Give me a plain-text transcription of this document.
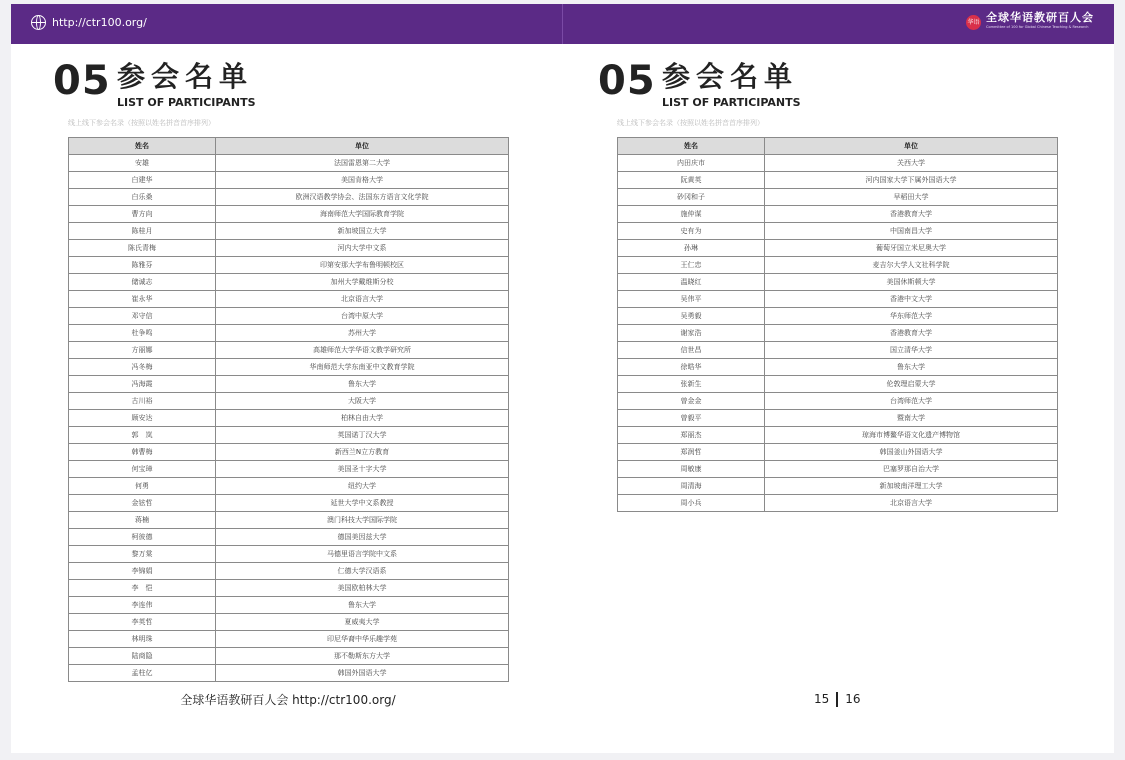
http://ctr100.org/	华语 全球华语教研百人会
Committee of 100 for Global Chinese Teaching & Research
05 参会名单
LIST OF PARTICIPANTS
线上线下参会名录（按照以姓名拼音首序排列）
姓名	单位
安雄	法国雷恩第二大学
白建华	美国肯格大学
白乐桑	欧洲汉语教学协会、法国东方语言文化学院
曹方向	海南师范大学国际教育学院
陈桂月	新加坡国立大学
陈氏青梅	河内大学中文系
陈雅芬	印第安那大学布鲁明顿校区
储诚志	加州大学戴维斯分校
崔永华	北京语言大学
邓守信	台湾中原大学
杜争鸣	苏州大学
方丽娜	高雄师范大学华语文教学研究所
冯冬梅	华南师范大学东南亚中文教育学院
冯海霞	鲁东大学
古川裕	大阪大学
顾安达	柏林自由大学
郭　岚	英国诺丁汉大学
韩曹梅	新西兰N立方教育
何宝璋	美国圣十字大学
何勇	纽约大学
金铉哲	延世大学中文系教授
蒋楠	澳门科技大学国际学院
柯彼德	德国美因兹大学
黎万棠	马德里语言学院中文系
李锦娟	仁德大学汉语系
李　恺	美国欧柏林大学
李连伟	鲁东大学
李英哲	夏威夷大学
林明珠	印尼华裔中华乐趣学苑
陆商隐	那不勒斯东方大学
孟柱亿	韩国外国语大学
05 参会名单
LIST OF PARTICIPANTS
线上线下参会名录（按照以姓名拼音首序排列）
姓名	单位
内田庆市	关西大学
阮黄英	河内国家大学下属外国语大学
砂冈和子	早稻田大学
施仲谋	香港教育大学
史有为	中国南昌大学
孙琳	葡萄牙国立米尼奥大学
王仁忠	麦吉尔大学人文社科学院
温晓红	美国休斯顿大学
吴伟平	香港中文大学
吴勇毅	华东师范大学
谢家浩	香港教育大学
信世昌	国立清华大学
徐晧华	鲁东大学
张新生	伦敦理启蒙大学
曾金金	台湾师范大学
曾毅平	暨南大学
郑丽杰	琼海市博鳌华语文化遗产博物馆
郑润哲	韩国釜山外国语大学
周敏康	巴塞罗那自治大学
周清海	新加坡南洋理工大学
周小兵	北京语言大学
全球华语教研百人会 http://ctr100.org/	15 16
